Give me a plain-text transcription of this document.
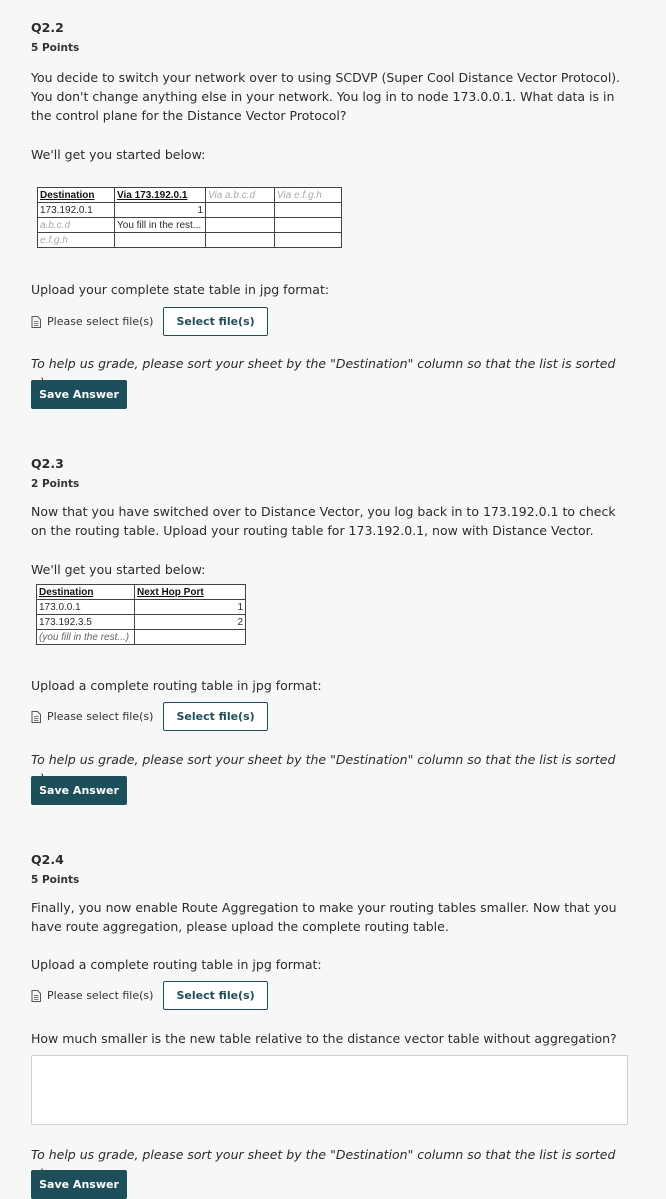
Q2.2
5 Points

You decide to switch your network over to using SCDVP (Super Cool Distance Vector Protocol). You don't change anything else in your network. You log in to node 173.0.0.1. What data is in the control plane for the Distance Vector Protocol?

We'll get you started below:

Destination	Via 173.192.0.1	Via a.b.c.d	Via e.f.g.h
173.192.0.1	1		
a.b.c.d	You fill in the rest...		
e.f.g.h			

Upload your complete state table in jpg format:

Please select file(s)	Select file(s)

To help us grade, please sort your sheet by the "Destination" column so that the list is sorted

Save Answer
Q2.3
2 Points

Now that you have switched over to Distance Vector, you log back in to 173.192.0.1 to check on the routing table. Upload your routing table for 173.192.0.1, now with Distance Vector.

We'll get you started below:

Destination	Next Hop Port
173.0.0.1	1
173.192.3.5	2
(you fill in the rest...)	

Upload a complete routing table in jpg format:

Please select file(s)	Select file(s)

To help us grade, please sort your sheet by the "Destination" column so that the list is sorted

Save Answer
Q2.4
5 Points

Finally, you now enable Route Aggregation to make your routing tables smaller. Now that you have route aggregation, please upload the complete routing table.

Upload a complete routing table in jpg format:

Please select file(s)	Select file(s)

How much smaller is the new table relative to the distance vector table without aggregation?

To help us grade, please sort your sheet by the "Destination" column so that the list is sorted

Save Answer
